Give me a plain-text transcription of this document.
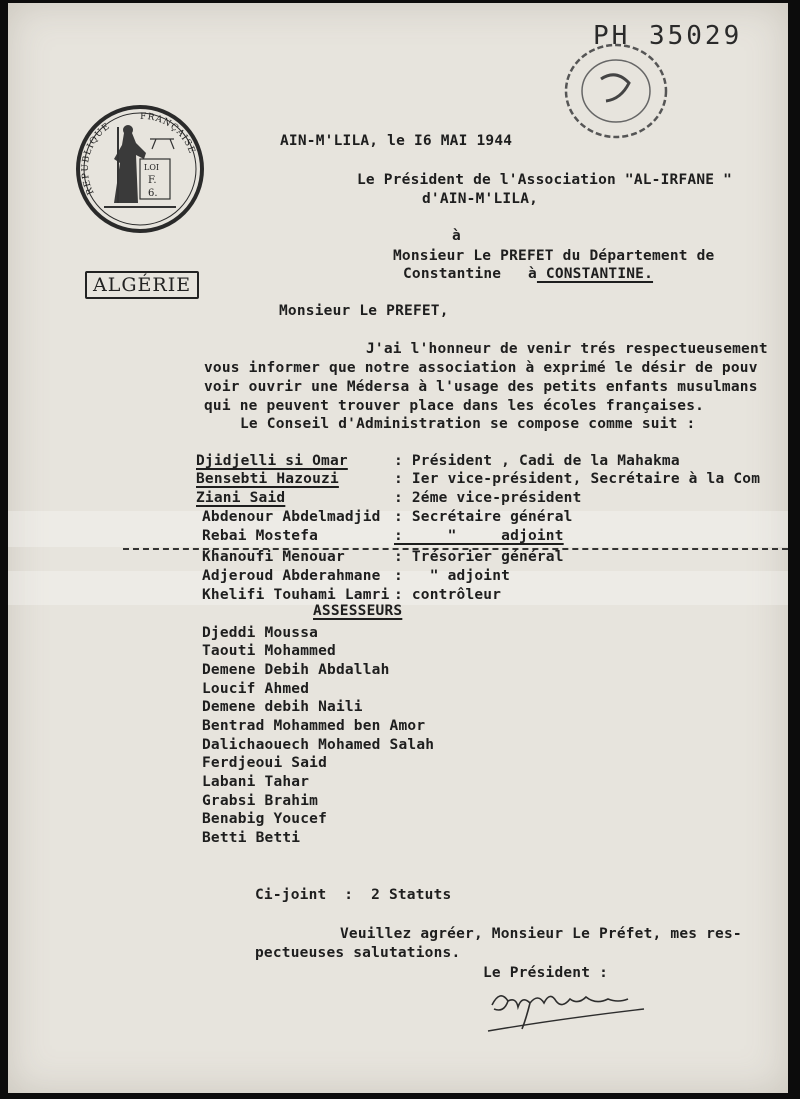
PH 35029
REPUBLIQUE
FRANÇAISE
LOI
F.
6.
ALGÉRIE
AIN-M'LILA, le I6 MAI 1944
Le Président de l'Association "AL-IRFANE "
d'AIN-M'LILA,
à
Monsieur Le PREFET du Département de
Constantine   à CONSTANTINE.
Monsieur Le PREFET,
J'ai l'honneur de venir trés respectueusement
vous informer que notre association à exprimé le désir de pouv
voir ouvrir une Médersa à l'usage des petits enfants musulmans
qui ne peuvent trouver place dans les écoles françaises.
Le Conseil d'Administration se compose comme suit :
Djidjelli si Omar	: Président , Cadi de la Mahakma
Bensebti Hazouzi	: Ier vice-président, Secrétaire à la Com
Ziani Said	: 2éme vice-président
Abdenour Abdelmadjid : Secrétaire général
Rebai Mostefa	:     "     adjoint
Khanoufi Menouar	: Trésorier général
Adjeroud Abderahmane :   " adjoint
Khelifi Touhami Lamri : contrôleur
ASSESSEURS
Djeddi Moussa
Taouti Mohammed
Demene Debih Abdallah
Loucif Ahmed
Demene debih Naili
Bentrad Mohammed ben Amor
Dalichaouech Mohamed Salah
Ferdjeoui Said
Labani Tahar
Grabsi Brahim
Benabig Youcef
Betti Betti
Ci-joint  :  2 Statuts
Veuillez agréer, Monsieur Le Préfet, mes res-
pectueuses salutations.
Le Président :
